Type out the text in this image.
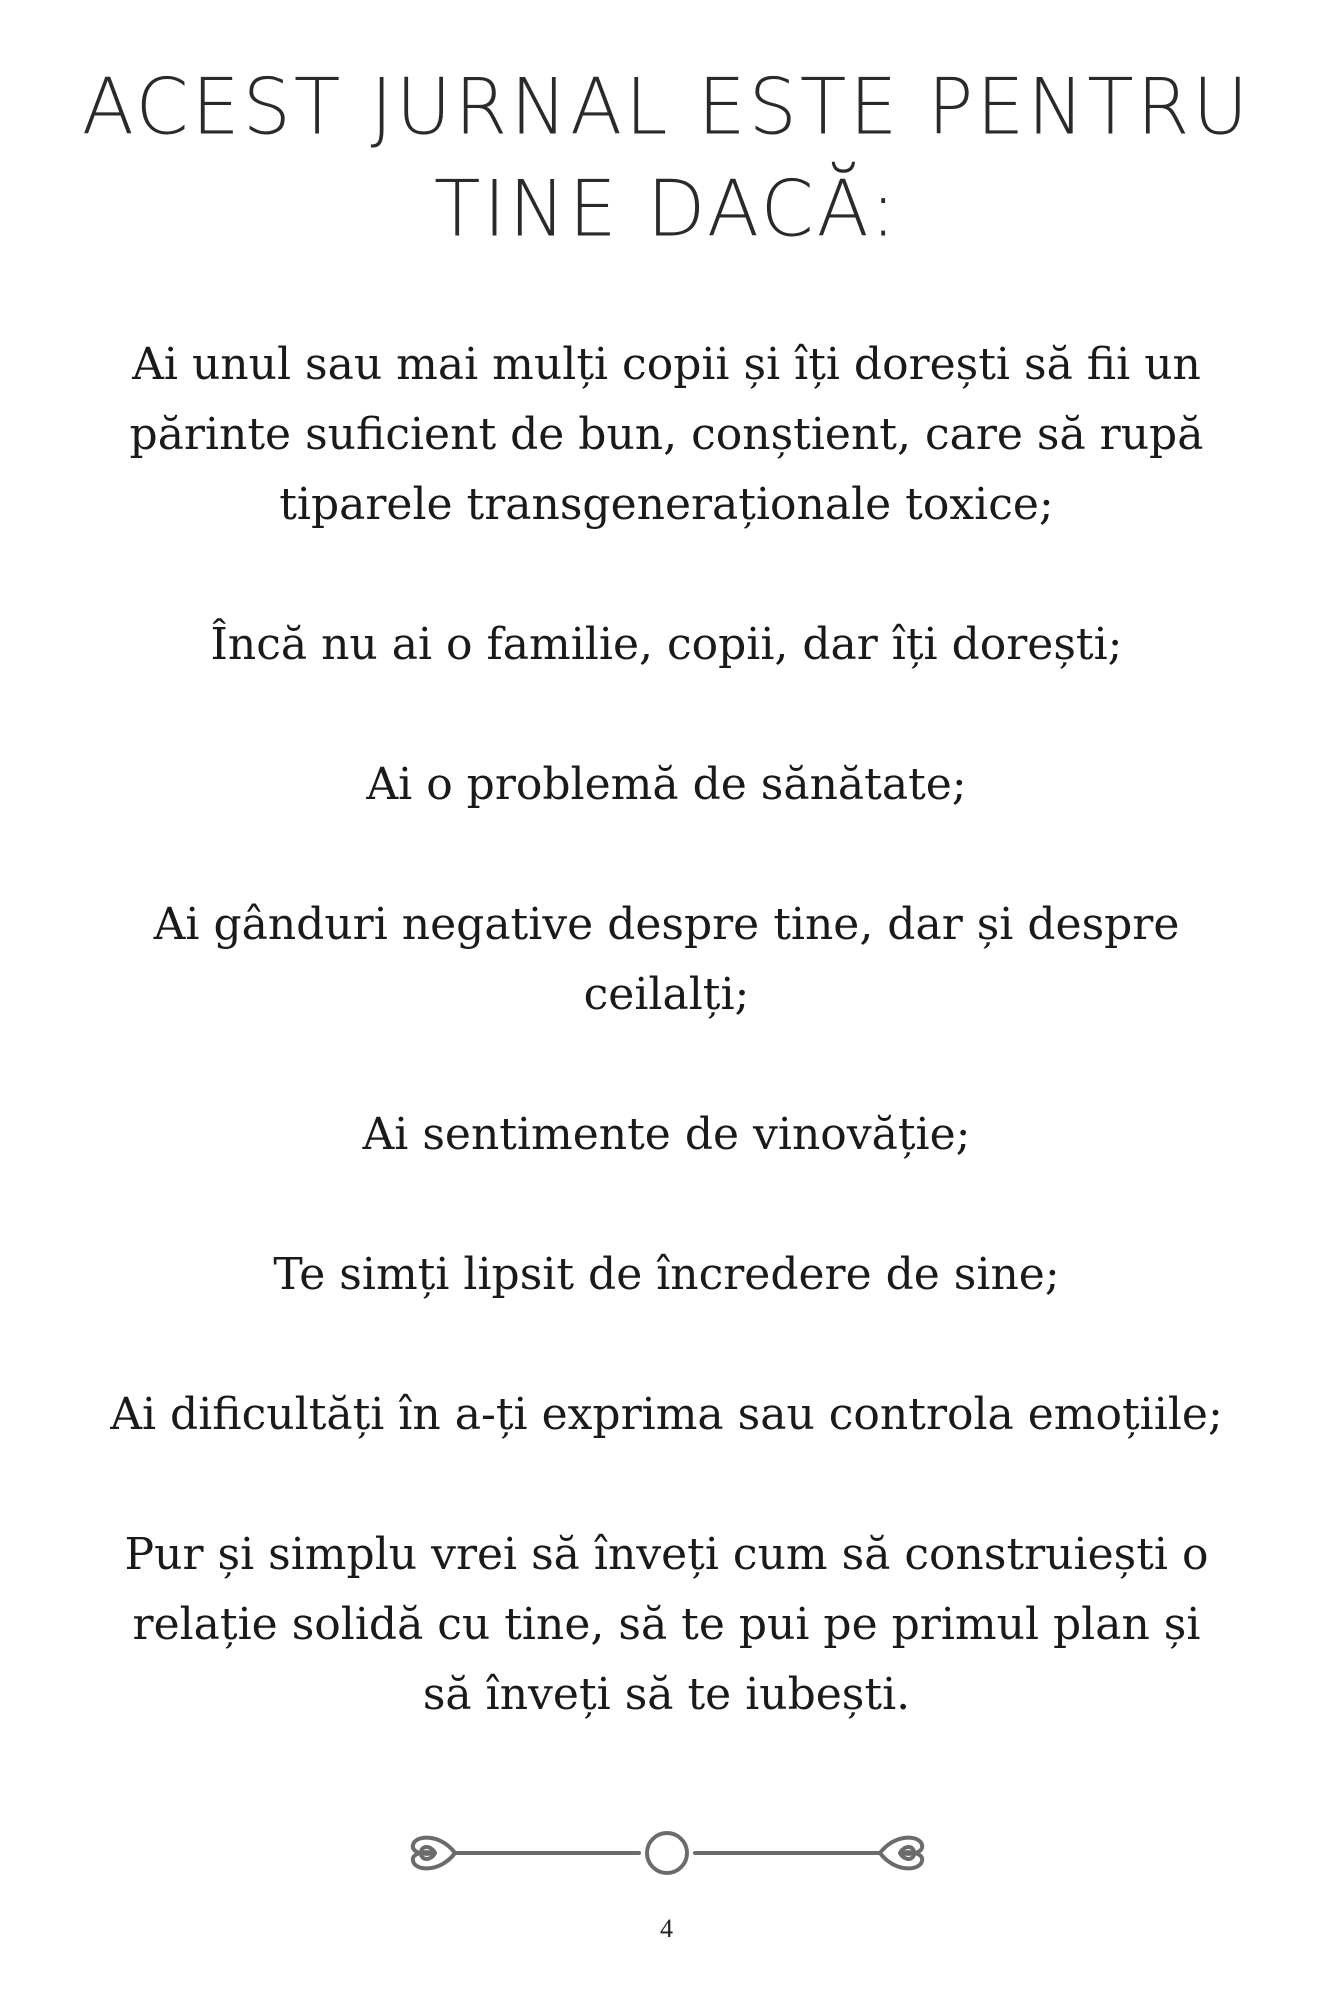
ACEST JURNAL ESTE PENTRU
TINE DACĂ:

Ai unul sau mai mulți copii și îți dorești să fii un părinte suficient de bun, conștient, care să rupă tiparele transgeneraționale toxice;

Încă nu ai o familie, copii, dar îți dorești;

Ai o problemă de sănătate;

Ai gânduri negative despre tine, dar și despre ceilalți;

Ai sentimente de vinovăție;

Te simți lipsit de încredere de sine;

Ai dificultăți în a-ți exprima sau controla emoțiile;

Pur și simplu vrei să înveți cum să construiești o relație solidă cu tine, să te pui pe primul plan și să înveți să te iubești.

4
